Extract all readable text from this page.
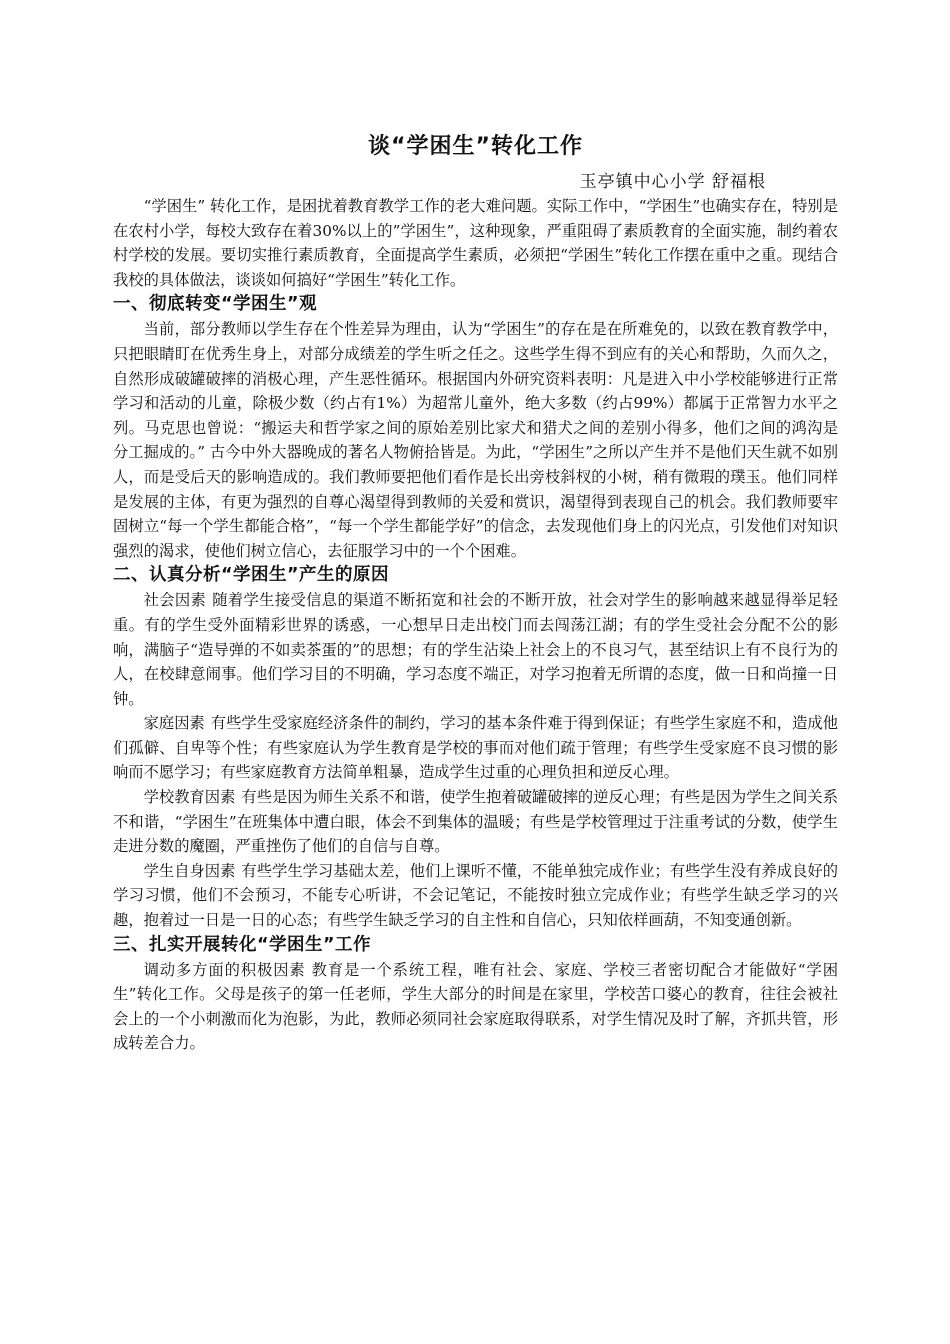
谈“学困生”转化工作

玉亭镇中心小学 舒福根

“学困生” 转化工作，是困扰着教育教学工作的老大难问题。实际工作中，“学困生”也确实存在，特别是在农村小学，每校大致存在着30%以上的”学困生”，这种现象，严重阻碍了素质教育的全面实施，制约着农村学校的发展。要切实推行素质教育，全面提高学生素质，必须把“学困生”转化工作摆在重中之重。现结合我校的具体做法，谈谈如何搞好“学困生”转化工作。

一、彻底转变“学困生”观

当前，部分教师以学生存在个性差异为理由，认为“学困生”的存在是在所难免的，以致在教育教学中，只把眼睛盯在优秀生身上，对部分成绩差的学生听之任之。这些学生得不到应有的关心和帮助，久而久之，自然形成破罐破摔的消极心理，产生恶性循环。根据国内外研究资料表明：凡是进入中小学校能够进行正常学习和活动的儿童，除极少数（约占有1%）为超常儿童外，绝大多数（约占99%）都属于正常智力水平之列。马克思也曾说：“搬运夫和哲学家之间的原始差别比家犬和猎犬之间的差别小得多，他们之间的鸿沟是分工掘成的。” 古今中外大器晚成的著名人物俯拾皆是。为此，“学困生”之所以产生并不是他们天生就不如别人，而是受后天的影响造成的。我们教师要把他们看作是长出旁枝斜杈的小树，稍有微瑕的璞玉。他们同样是发展的主体，有更为强烈的自尊心渴望得到教师的关爱和赏识，渴望得到表现自己的机会。我们教师要牢固树立“每一个学生都能合格”，“每一个学生都能学好”的信念，去发现他们身上的闪光点，引发他们对知识强烈的渴求，使他们树立信心，去征服学习中的一个个困难。

二、认真分析“学困生”产生的原因

社会因素 随着学生接受信息的渠道不断拓宽和社会的不断开放，社会对学生的影响越来越显得举足轻重。有的学生受外面精彩世界的诱惑，一心想早日走出校门而去闯荡江湖；有的学生受社会分配不公的影响，满脑子“造导弹的不如卖茶蛋的”的思想；有的学生沾染上社会上的不良习气，甚至结识上有不良行为的人，在校肆意闹事。他们学习目的不明确，学习态度不端正，对学习抱着无所谓的态度，做一日和尚撞一日钟。

家庭因素 有些学生受家庭经济条件的制约，学习的基本条件难于得到保证；有些学生家庭不和，造成他们孤僻、自卑等个性；有些家庭认为学生教育是学校的事而对他们疏于管理；有些学生受家庭不良习惯的影响而不愿学习；有些家庭教育方法简单粗暴，造成学生过重的心理负担和逆反心理。

学校教育因素 有些是因为师生关系不和谐，使学生抱着破罐破摔的逆反心理；有些是因为学生之间关系不和谐，“学困生”在班集体中遭白眼，体会不到集体的温暖；有些是学校管理过于注重考试的分数，使学生走进分数的魔圈，严重挫伤了他们的自信与自尊。

学生自身因素 有些学生学习基础太差，他们上课听不懂，不能单独完成作业；有些学生没有养成良好的学习习惯，他们不会预习，不能专心听讲，不会记笔记，不能按时独立完成作业；有些学生缺乏学习的兴趣，抱着过一日是一日的心态；有些学生缺乏学习的自主性和自信心，只知依样画葫，不知变通创新。

三、扎实开展转化“学困生”工作

调动多方面的积极因素 教育是一个系统工程，唯有社会、家庭、学校三者密切配合才能做好“学困生”转化工作。父母是孩子的第一任老师，学生大部分的时间是在家里，学校苦口婆心的教育，往往会被社会上的一个小刺激而化为泡影，为此，教师必须同社会家庭取得联系，对学生情况及时了解，齐抓共管，形成转差合力。
